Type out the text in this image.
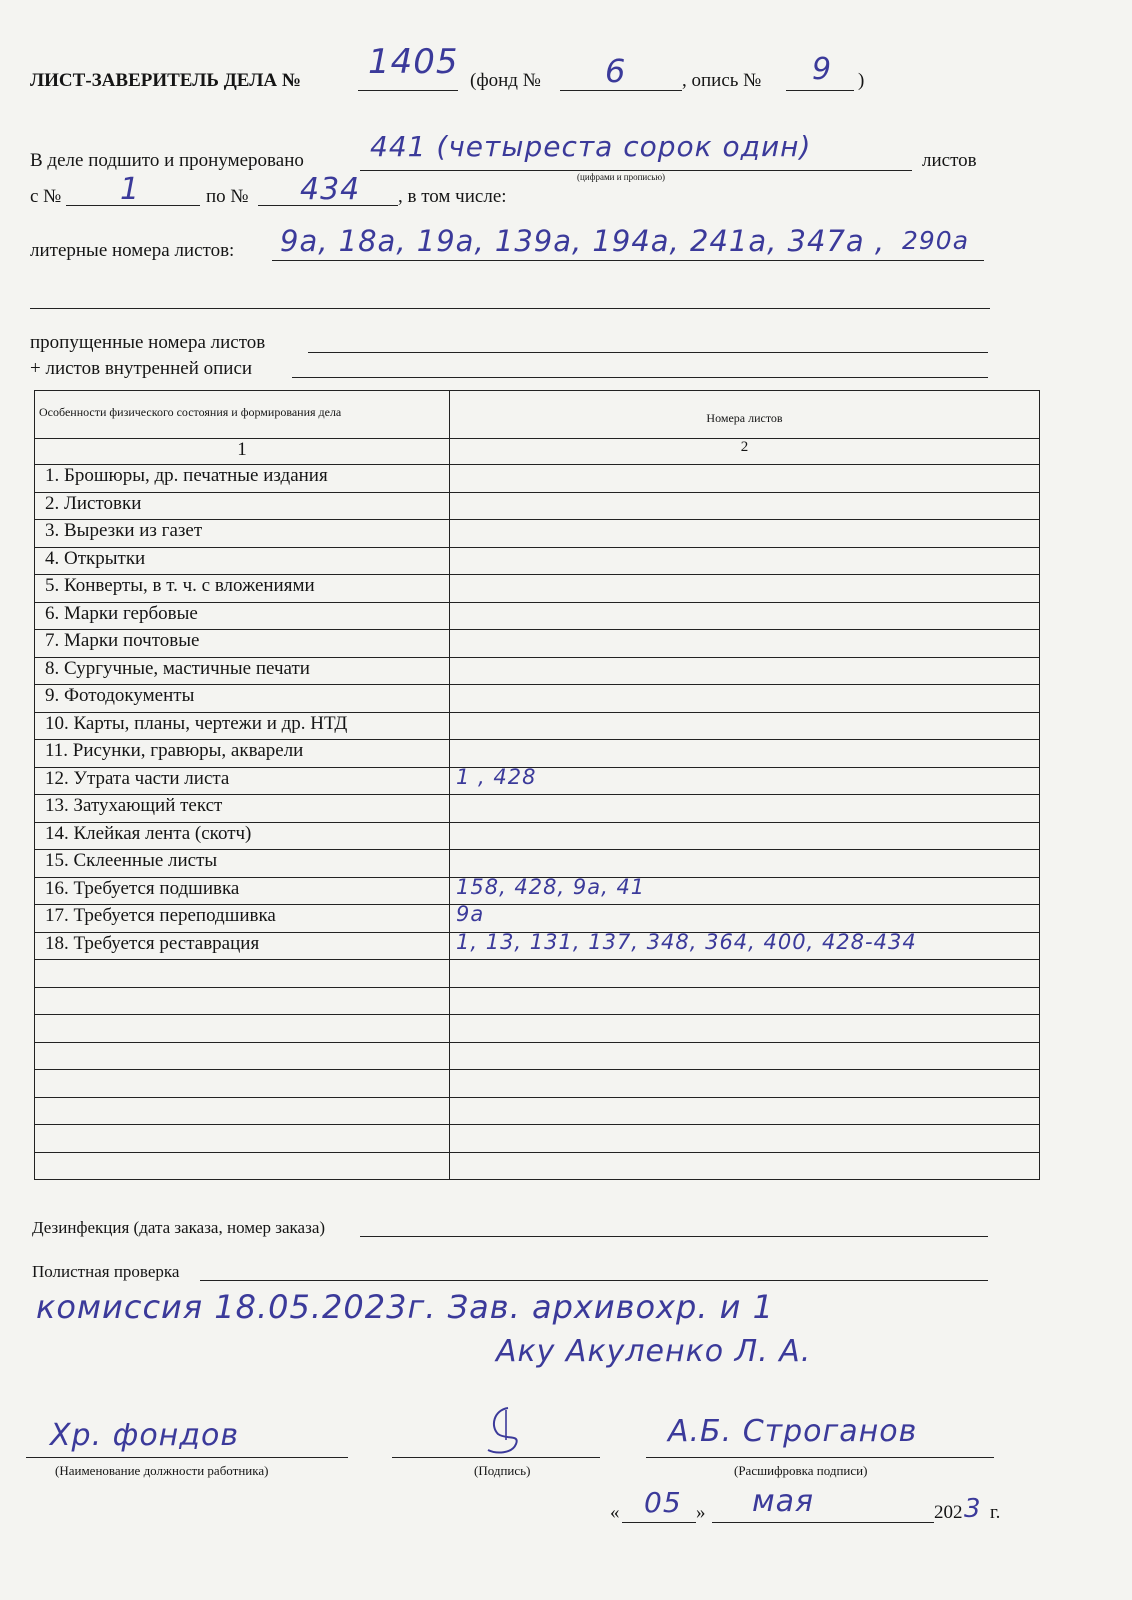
ЛИСТ-ЗАВЕРИТЕЛЬ ДЕЛА № 1405 (фонд № 6	, опись № 9 )
В деле подшито и пронумеровано 441 (четыреста сорок один)
(цифрами и прописью)
листов
с № 1	по № 434 , в том числе:
литерные номера листов: 9а, 18а, 19а, 139а, 194а, 241а, 347а , 290а
пропущенные номера листов
+ листов внутренней описи
Особенности физического состояния и формирования дела	Номера листов

1	2
1. Брошюры, др. печатные издания	

2. Листовки	

3. Вырезки из газет	

4. Открытки	

5. Конверты, в т. ч. с вложениями	

6. Марки гербовые	

7. Марки почтовые	

8. Сургучные, мастичные печати	

9. Фотодокументы	

10. Карты, планы, чертежи и др. НТД	

11. Рисунки, гравюры, акварели	

12. Утрата части листа	1 , 428

13. Затухающий текст	

14. Клейкая лента (скотч)	

15. Склеенные листы	

16. Требуется подшивка	158, 428, 9а, 41

17. Требуется переподшивка	9а

18. Требуется реставрация	1, 13, 131, 137, 348, 364, 400, 428-434

Дезинфекция (дата заказа, номер заказа)
Полистная проверка
комиссия 18.05.2023г. Зав. архивохр. и 1
Аку Акуленко Л. А.
Хр. фондов
(Наименование должности работника)	(Подпись)
А.Б. Строганов
(Расшифровка подписи)
« 05 » мая	202 3 г.
